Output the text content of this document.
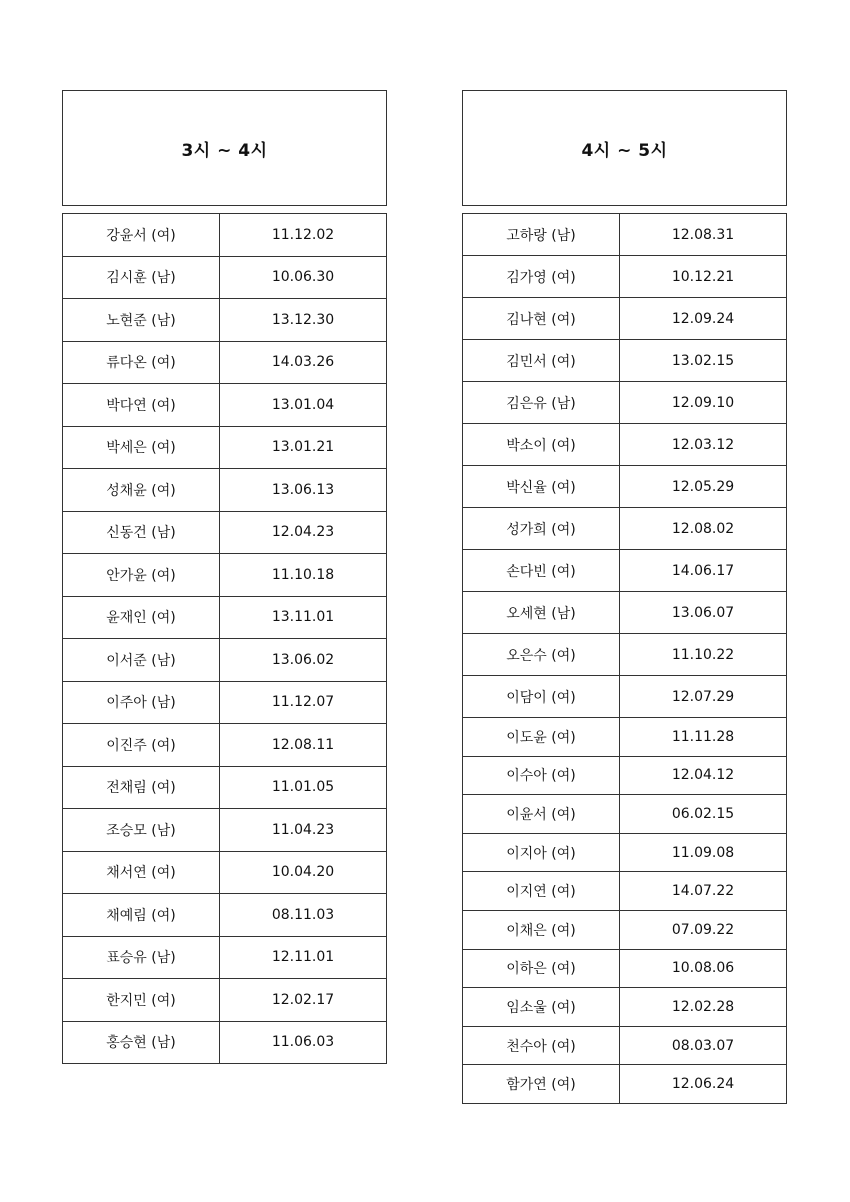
3시 ~ 4시
강윤서 (여)	11.12.02
김시훈 (남)	10.06.30
노현준 (남)	13.12.30
류다온 (여)	14.03.26
박다연 (여)	13.01.04
박세은 (여)	13.01.21
성채윤 (여)	13.06.13
신동건 (남)	12.04.23
안가윤 (여)	11.10.18
윤재인 (여)	13.11.01
이서준 (남)	13.06.02
이주아 (남)	11.12.07
이진주 (여)	12.08.11
전채림 (여)	11.01.05
조승모 (남)	11.04.23
채서연 (여)	10.04.20
채예림 (여)	08.11.03
표승유 (남)	12.11.01
한지민 (여)	12.02.17
홍승현 (남)	11.06.03
4시 ~ 5시
고하랑 (남)	12.08.31
김가영 (여)	10.12.21
김나현 (여)	12.09.24
김민서 (여)	13.02.15
김은유 (남)	12.09.10
박소이 (여)	12.03.12
박신율 (여)	12.05.29
성가희 (여)	12.08.02
손다빈 (여)	14.06.17
오세현 (남)	13.06.07
오은수 (여)	11.10.22
이담이 (여)	12.07.29
이도윤 (여)	11.11.28
이수아 (여)	12.04.12
이윤서 (여)	06.02.15
이지아 (여)	11.09.08
이지연 (여)	14.07.22
이채은 (여)	07.09.22
이하은 (여)	10.08.06
임소울 (여)	12.02.28
천수아 (여)	08.03.07
함가연 (여)	12.06.24
